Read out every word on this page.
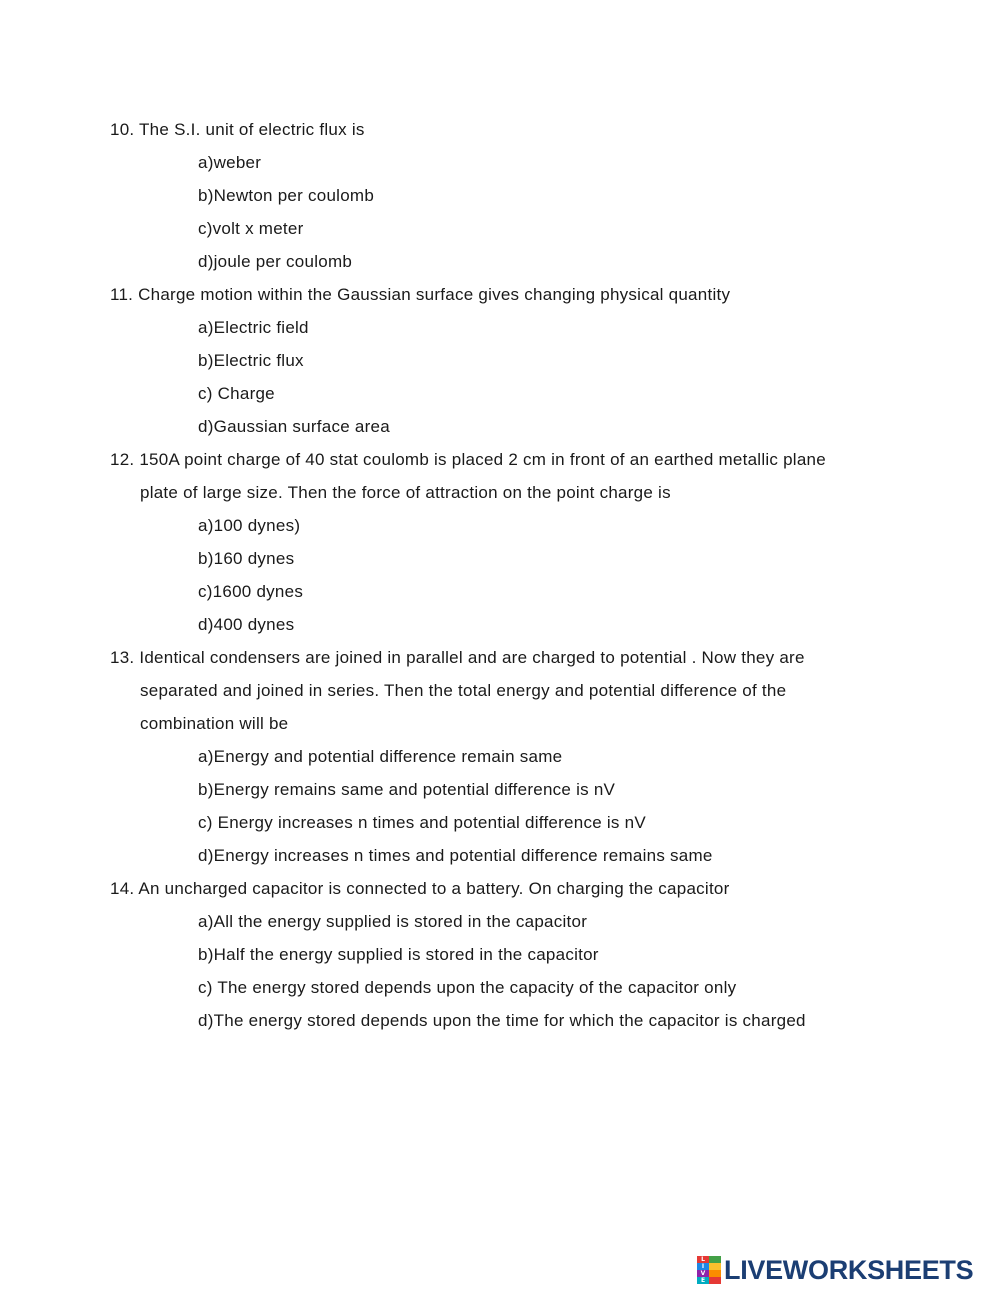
10. The S.I. unit of electric flux is
a)weber
b)Newton per coulomb
c)volt x meter
d)joule per coulomb
11. Charge motion within the Gaussian surface gives changing physical quantity
a)Electric field
b)Electric flux
c) Charge
d)Gaussian surface area
12. 150A point charge of 40 stat coulomb is placed 2 cm in front of an earthed metallic plane
plate of large size. Then the force of attraction on the point charge is
a)100 dynes)
b)160 dynes
c)1600 dynes
d)400 dynes
13. Identical condensers are joined in parallel and are charged to potential . Now they are
separated and joined in series. Then the total energy and potential difference of the
combination will be
a)Energy and potential difference remain same
b)Energy remains same and potential difference is nV
c) Energy increases n times and potential difference is nV
d)Energy increases n times and potential difference remains same
14. An uncharged capacitor is connected to a battery. On charging the capacitor
a)All the energy supplied is stored in the capacitor
b)Half the energy supplied is stored in the capacitor
c) The energy stored depends upon the capacity of the capacitor only
d)The energy stored depends upon the time for which the capacitor is charged
L
I
V
E LIVEWORKSHEETS
